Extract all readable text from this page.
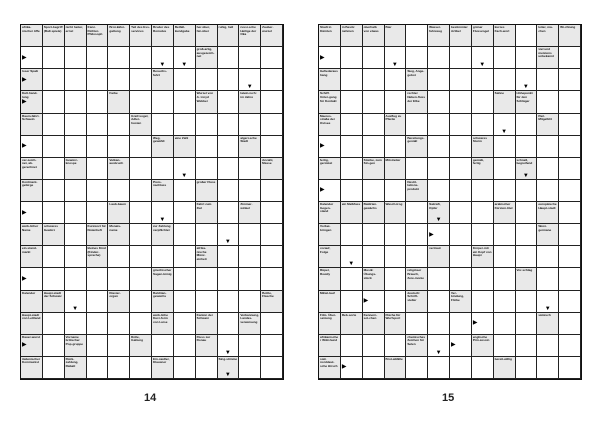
afrika-nischer Affe
Sport-begriff (Ball-spiele)
nicht heiter, ernst
franz. Dichter-Philosoph
Brot-käfer-gattung
Teil des Ess-services
Bruder des Romulus
Beifall-kundgabe
her-über, hin-über
ruhig, hell	russi-sche Heilige der Oka
Zauber-wurzel
▶
▼	▼
groß-artig, ausgezeich-net
loser Spaß
▶
Besuchs-fahrt
▼
Kult-hand-lung
▶
Farbe	Wurzel von A. Lloyd Webber
latein-isch: im Jahre
Raum-fahrt-Schwein
Greif-vogel, Adler-husten
▶
Weg, gewählt
eine Zahl	algeri-sche Stadt
ver-zeich-net, ab-gerechnet
Gewürz-knospe
Vulkan-ausbruch
▼
Anzahl, Masse
Kontinent-gebirge
Preis-nachlass
großer Fluss
▶
Laub-baum
▼
Fahrt zum Ziel
Zimmer-winkel
weib-licher Name
schweres Gewürz
Kurzwort für Notenheft
Monats-name
zur Zahlung verpflichtet
▼
ein-stand-markt
kleines Kind (Kinder-sprache)
afrika-nische Münz-einheit
▶
griechischer Sagen-könig
Kalender	Haupt-stadt der Schweiz
▼
Klavier-organ
Baldrian-gewächs
Bottle, Flasche
Haupt-stadt von Lettland
weib-liche Kurz-form von Luise
Kanton der Schweiz
Verbannung, Landes-verweisung
Dauer-wurst
▶
Vorname britischer Pop-gruppe
Rolle, Gattung
Fluss zur Donau
▼
italienischer Kommunist
Rück-zahlung, Rabatt
Ein-siedler, Klausner
Sing-stimme
▼
14
Stadt in Kärnten
in Besitz nehmen
oberhalb von etwas
Bier	Wasser-fahrzeug
bestimmter Artikel
grüner Flussvogel
kurzes Fach-wort
leiter, ma-chen
Wi-chtung
▶
▼	▼
viel und meistens unbekannt
Gefiederaushang
Sieg, Ange-gebot
▼
Schiff. Unter-gang für Kontakt
rechter Neben-fluss der Elbe
Sahne	Höhepunkt für den Schläger
Meeres-straße der Ostsee
Ausflug zu Pferde
▼
Pari. Mitgefühl
▶
Bereitungs-gestalt
schweres Sturm
fertig, gerüstet
Stücke, zum Sin-gen
Mitstreiter	gemäß, fertig
schnell, begreifend
▼
▶
Destil-lations-produkt
Kalender Gegen-stand
ein Melkfass Baldrian-gewächs
Wasch-trog	Sakraft, Opfer
▼
arabischer Fürsten-titel
europäische Haupt-stadt
Vorbei-bringen
▶
West-germane
vorauf, Folge
▼
vertraut	Körper-mit ein Kopf von Haupt
Rüpel, Rowdy
Musik: Übungs-stück
religiöser Brauch, Zere-monie
Vor-schlag
Mittel-lauf
▶
deutsch: Schrift-steller
Ver-bindung, Flicke
▼
Film. Über-setzung
Reb-sorte	Kennern-sol-chen
Fläche für Wurfsport
▶
sämisch
afrikanischer Wild-hund
chemisches Zeichen für Selen
▼
▶
englische Prin-zessin
süd-norddeut-sche Hirsch ▶
Brot-abfälle	bereit-willig
15
